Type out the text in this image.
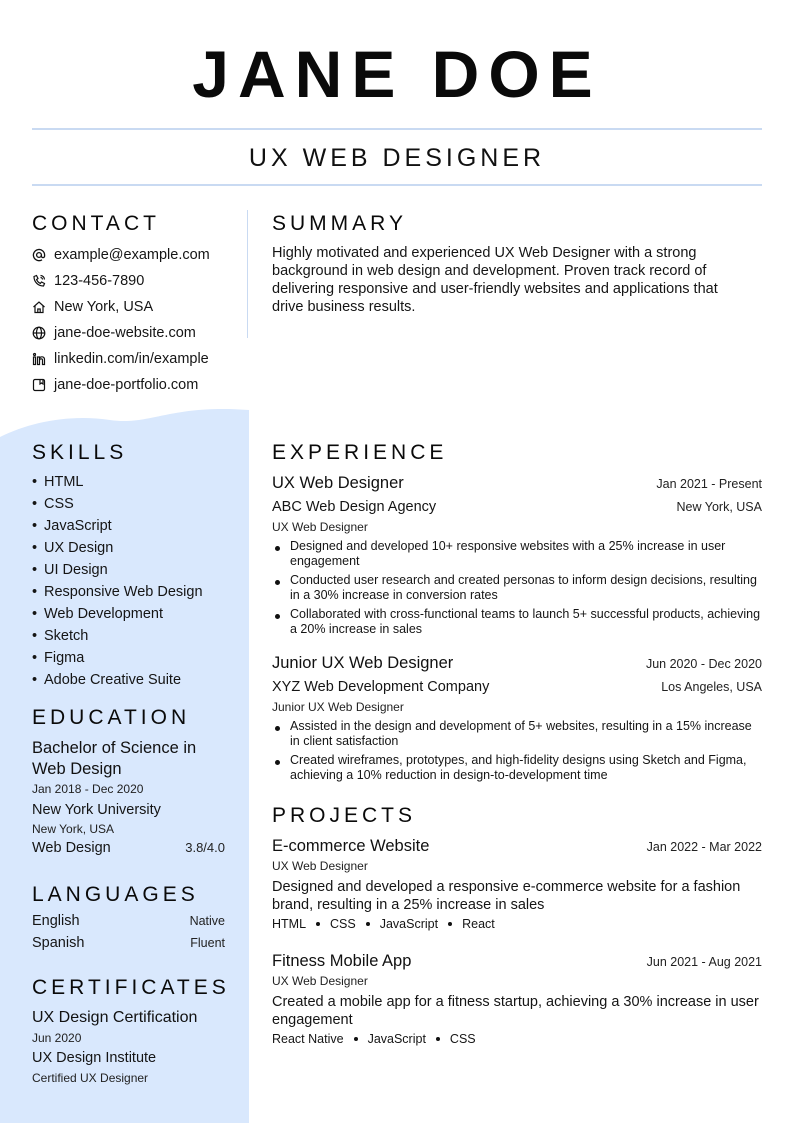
JANE DOE
UX WEB DESIGNER
CONTACT
example@example.com
123-456-7890
New York, USA
jane-doe-website.com
linkedin.com/in/example
jane-doe-portfolio.com
SUMMARY
Highly motivated and experienced UX Web Designer with a strong background in web design and development. Proven track record of delivering responsive and user-friendly websites and applications that drive business results.
SKILLS
• HTML
• CSS
• JavaScript
• UX Design
• UI Design
• Responsive Web Design
• Web Development
• Sketch
• Figma
• Adobe Creative Suite
EDUCATION
Bachelor of Science in Web Design
Jan 2018 - Dec 2020
New York University
New York, USA
Web Design	3.8/4.0
LANGUAGES
English	Native
Spanish	Fluent
CERTIFICATES
UX Design Certification
Jun 2020
UX Design Institute
Certified UX Designer
EXPERIENCE
UX Web Designer	Jan 2021 - Present
ABC Web Design Agency	New York, USA
UX Web Designer
Designed and developed 10+ responsive websites with a 25% increase in user engagement
Conducted user research and created personas to inform design decisions, resulting in a 30% increase in conversion rates
Collaborated with cross-functional teams to launch 5+ successful products, achieving a 20% increase in sales
Junior UX Web Designer	Jun 2020 - Dec 2020
XYZ Web Development Company	Los Angeles, USA
Junior UX Web Designer
Assisted in the design and development of 5+ websites, resulting in a 15% increase in client satisfaction
Created wireframes, prototypes, and high-fidelity designs using Sketch and Figma, achieving a 10% reduction in design-to-development time
PROJECTS
E-commerce Website	Jan 2022 - Mar 2022
UX Web Designer
Designed and developed a responsive e-commerce website for a fashion brand, resulting in a 25% increase in sales
HTML CSS JavaScript React
Fitness Mobile App	Jun 2021 - Aug 2021
UX Web Designer
Created a mobile app for a fitness startup, achieving a 30% increase in user engagement
React Native JavaScript CSS
